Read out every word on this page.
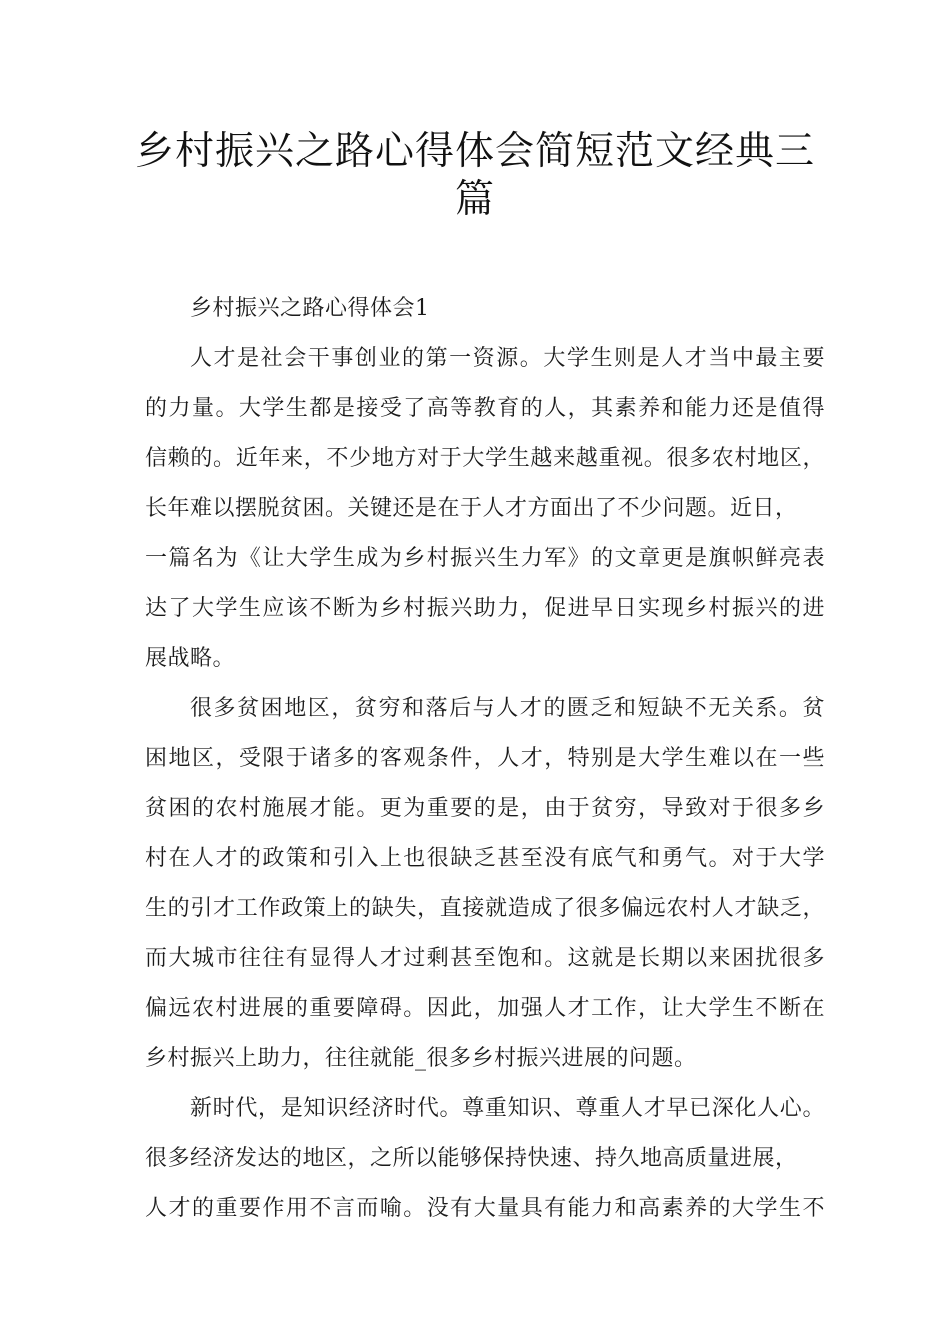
乡村振兴之路心得体会简短范文经典三
篇
乡村振兴之路心得体会1
人才是社会干事创业的第一资源。大学生则是人才当中最主要
的力量。大学生都是接受了高等教育的人，其素养和能力还是值得
信赖的。近年来，不少地方对于大学生越来越重视。很多农村地区，
长年难以摆脱贫困。关键还是在于人才方面出了不少问题。近日，
一篇名为《让大学生成为乡村振兴生力军》的文章更是旗帜鲜亮表
达了大学生应该不断为乡村振兴助力，促进早日实现乡村振兴的进
展战略。
很多贫困地区，贫穷和落后与人才的匮乏和短缺不无关系。贫
困地区，受限于诸多的客观条件，人才，特别是大学生难以在一些
贫困的农村施展才能。更为重要的是，由于贫穷，导致对于很多乡
村在人才的政策和引入上也很缺乏甚至没有底气和勇气。对于大学
生的引才工作政策上的缺失，直接就造成了很多偏远农村人才缺乏，
而大城市往往有显得人才过剩甚至饱和。这就是长期以来困扰很多
偏远农村进展的重要障碍。因此，加强人才工作，让大学生不断在
乡村振兴上助力，往往就能_很多乡村振兴进展的问题。
新时代，是知识经济时代。尊重知识、尊重人才早已深化人心。
很多经济发达的地区，之所以能够保持快速、持久地高质量进展，
人才的重要作用不言而喻。没有大量具有能力和高素养的大学生不
